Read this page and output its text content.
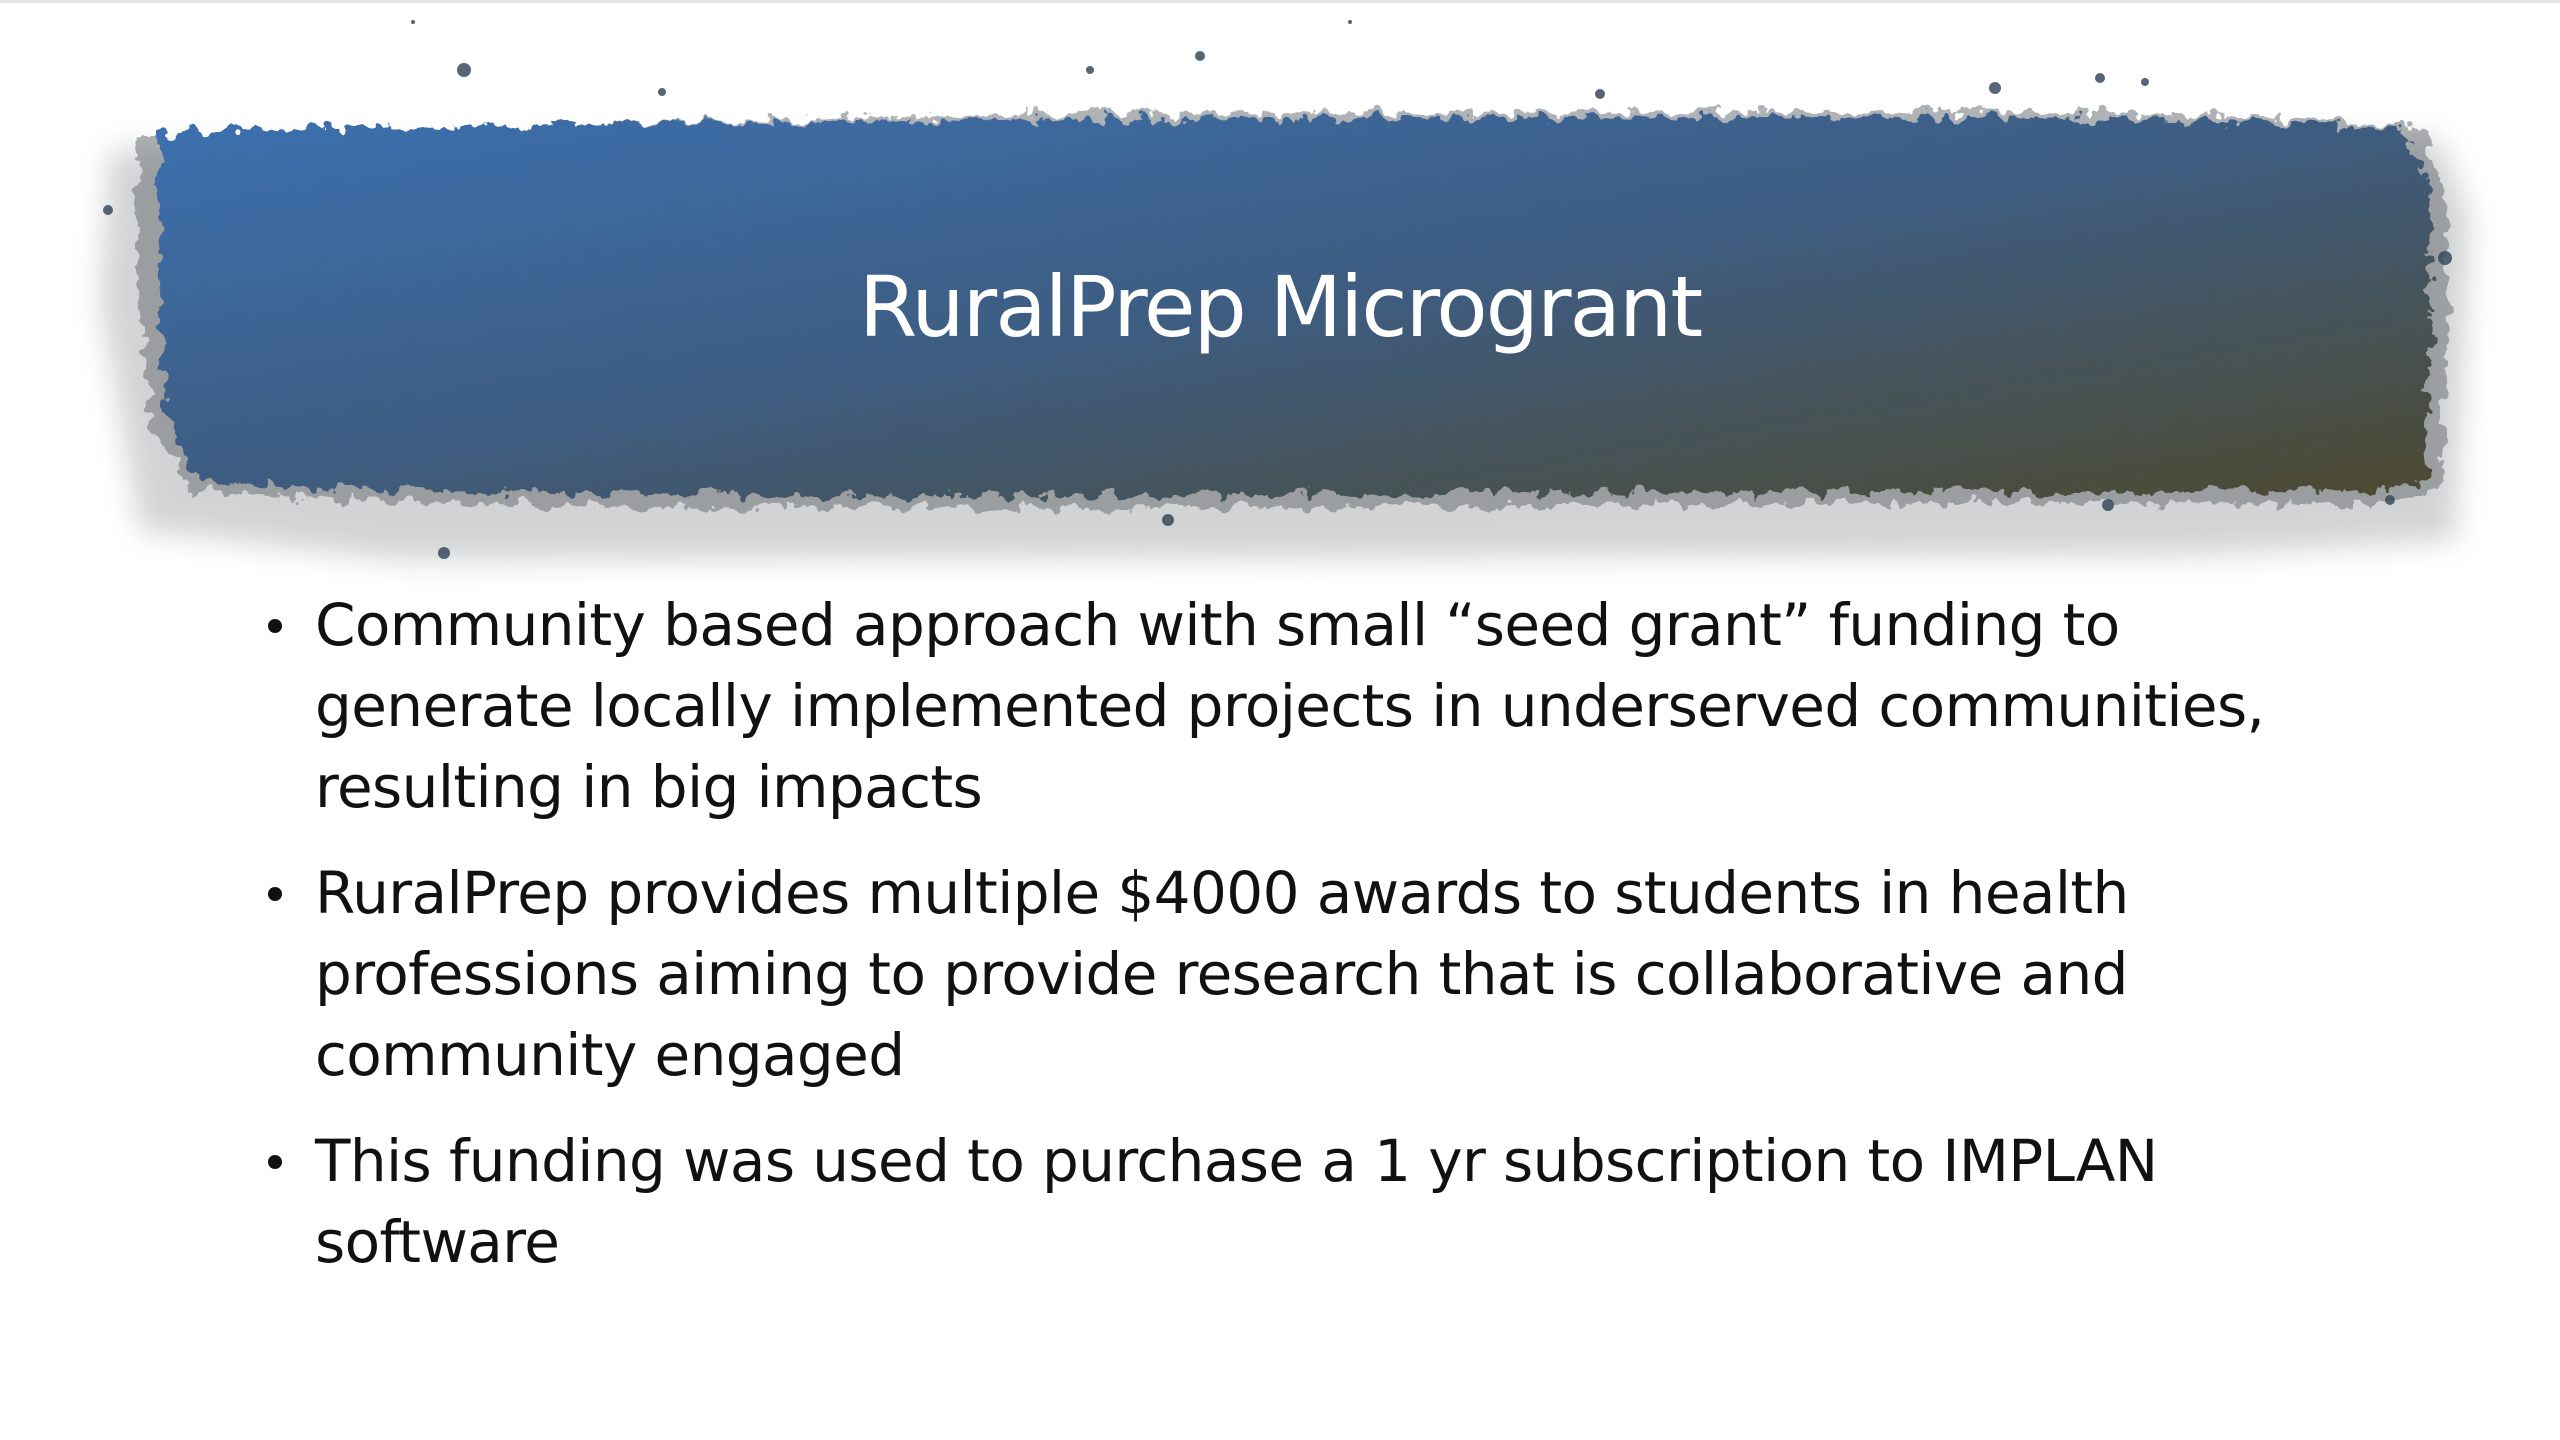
RuralPrep Microgrant
Community based approach with small “seed grant” funding to generate locally implemented projects in underserved communities, resulting in big impacts
RuralPrep provides multiple $4000 awards to students in health professions aiming to provide research that is collaborative and community engaged
This funding was used to purchase a 1 yr subscription to IMPLAN software
